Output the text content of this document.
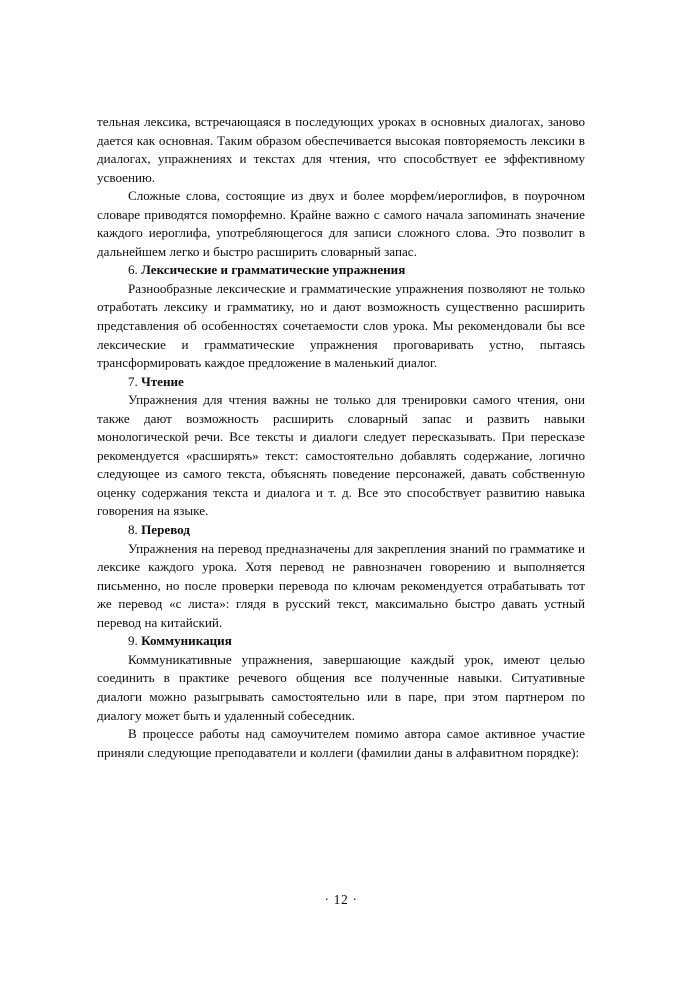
тельная лексика, встречающаяся в последующих уроках в основных диалогах, заново дается как основная. Таким образом обеспечивается высокая повторяемость лексики в диалогах, упражнениях и текстах для чтения, что способствует ее эффективному усвоению.

Сложные слова, состоящие из двух и более морфем/иероглифов, в поурочном словаре приводятся поморфемно. Крайне важно с самого начала запоминать значение каждого иероглифа, употребляющегося для записи сложного слова. Это позволит в дальнейшем легко и быстро расширить словарный запас.

6. Лексические и грамматические упражнения

Разнообразные лексические и грамматические упражнения позволяют не только отработать лексику и грамматику, но и дают возможность существенно расширить представления об особенностях сочетаемости слов урока. Мы рекомендовали бы все лексические и грамматические упражнения проговаривать устно, пытаясь трансформировать каждое предложение в маленький диалог.

7. Чтение

Упражнения для чтения важны не только для тренировки самого чтения, они также дают возможность расширить словарный запас и развить навыки монологической речи. Все тексты и диалоги следует пересказывать. При пересказе рекомендуется «расширять» текст: самостоятельно добавлять содержание, логично следующее из самого текста, объяснять поведение персонажей, давать собственную оценку содержания текста и диалога и т. д. Все это способствует развитию навыка говорения на языке.

8. Перевод

Упражнения на перевод предназначены для закрепления знаний по грамматике и лексике каждого урока. Хотя перевод не равнозначен говорению и выполняется письменно, но после проверки перевода по ключам рекомендуется отрабатывать тот же перевод «с листа»: глядя в русский текст, максимально быстро давать устный перевод на китайский.

9. Коммуникация

Коммуникативные упражнения, завершающие каждый урок, имеют целью соединить в практике речевого общения все полученные навыки. Ситуативные диалоги можно разыгрывать самостоятельно или в паре, при этом партнером по диалогу может быть и удаленный собеседник.

В процессе работы над самоучителем помимо автора самое активное участие приняли следующие преподаватели и коллеги (фамилии даны в алфавитном порядке):

· 12 ·
